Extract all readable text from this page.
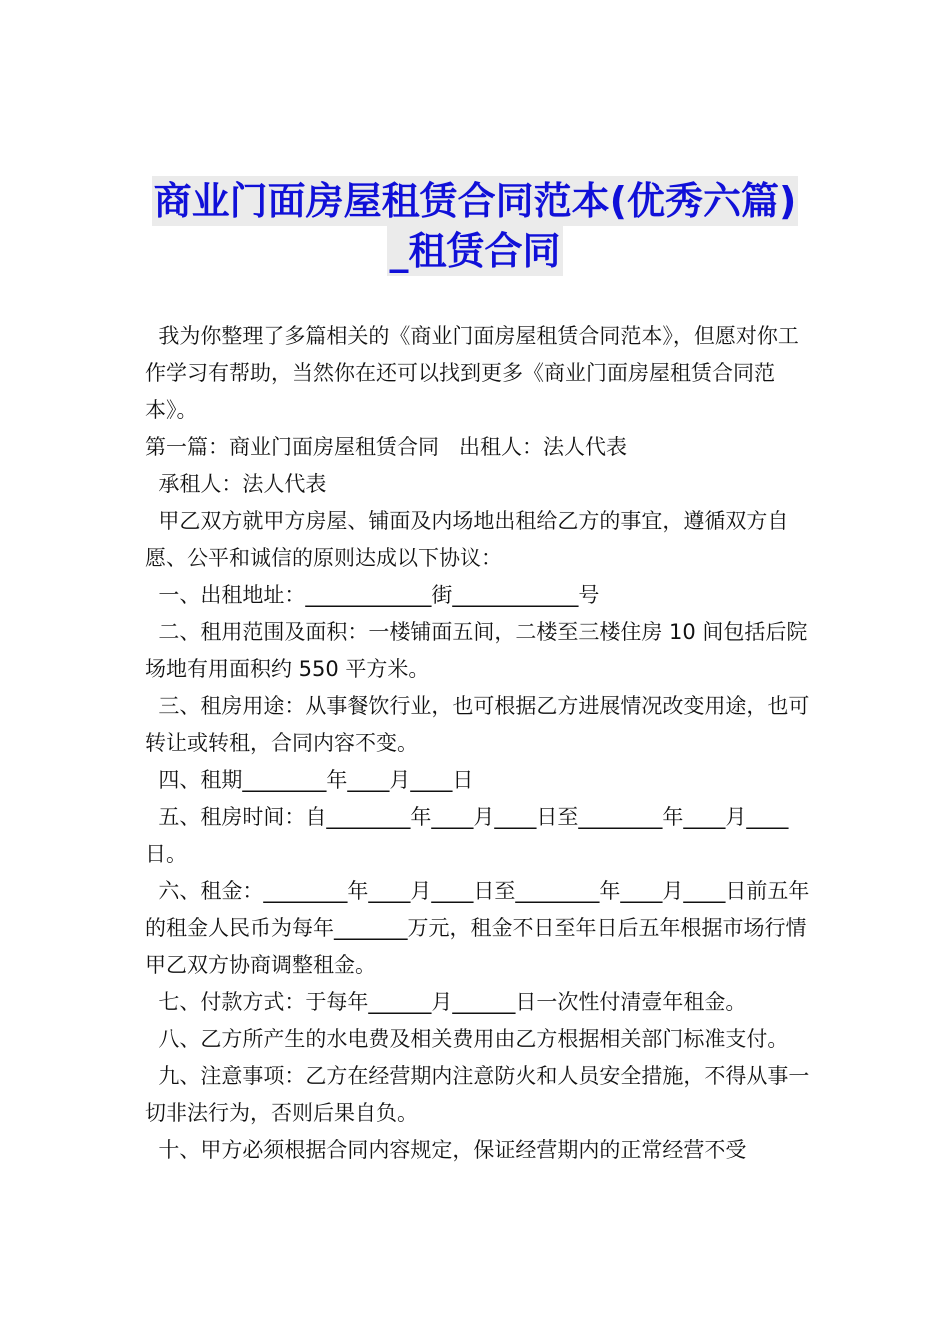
商业门面房屋租赁合同范本(优秀六篇)
_租赁合同

我为你整理了多篇相关的《商业门面房屋租赁合同范本》，但愿对你工作学习有帮助，当然你在还可以找到更多《商业门面房屋租赁合同范本》。

第一篇：商业门面房屋租赁合同   出租人：法人代表

承租人：法人代表

甲乙双方就甲方房屋、铺面及内场地出租给乙方的事宜，遵循双方自愿、公平和诚信的原则达成以下协议：

一、出租地址：____________街____________号

二、租用范围及面积：一楼铺面五间，二楼至三楼住房 10 间包括后院场地有用面积约 550 平方米。

三、租房用途：从事餐饮行业，也可根据乙方进展情况改变用途，也可转让或转租，合同内容不变。

四、租期________年____月____日

五、租房时间：自________年____月____日至________年____月____日。

六、租金：________年____月____日至________年____月____日前五年的租金人民币为每年_______万元，租金不日至年日后五年根据市场行情甲乙双方协商调整租金。

七、付款方式：于每年______月______日一次性付清壹年租金。

八、乙方所产生的水电费及相关费用由乙方根据相关部门标准支付。

九、注意事项：乙方在经营期内注意防火和人员安全措施，不得从事一切非法行为，否则后果自负。

十、甲方必须根据合同内容规定，保证经营期内的正常经营不受
